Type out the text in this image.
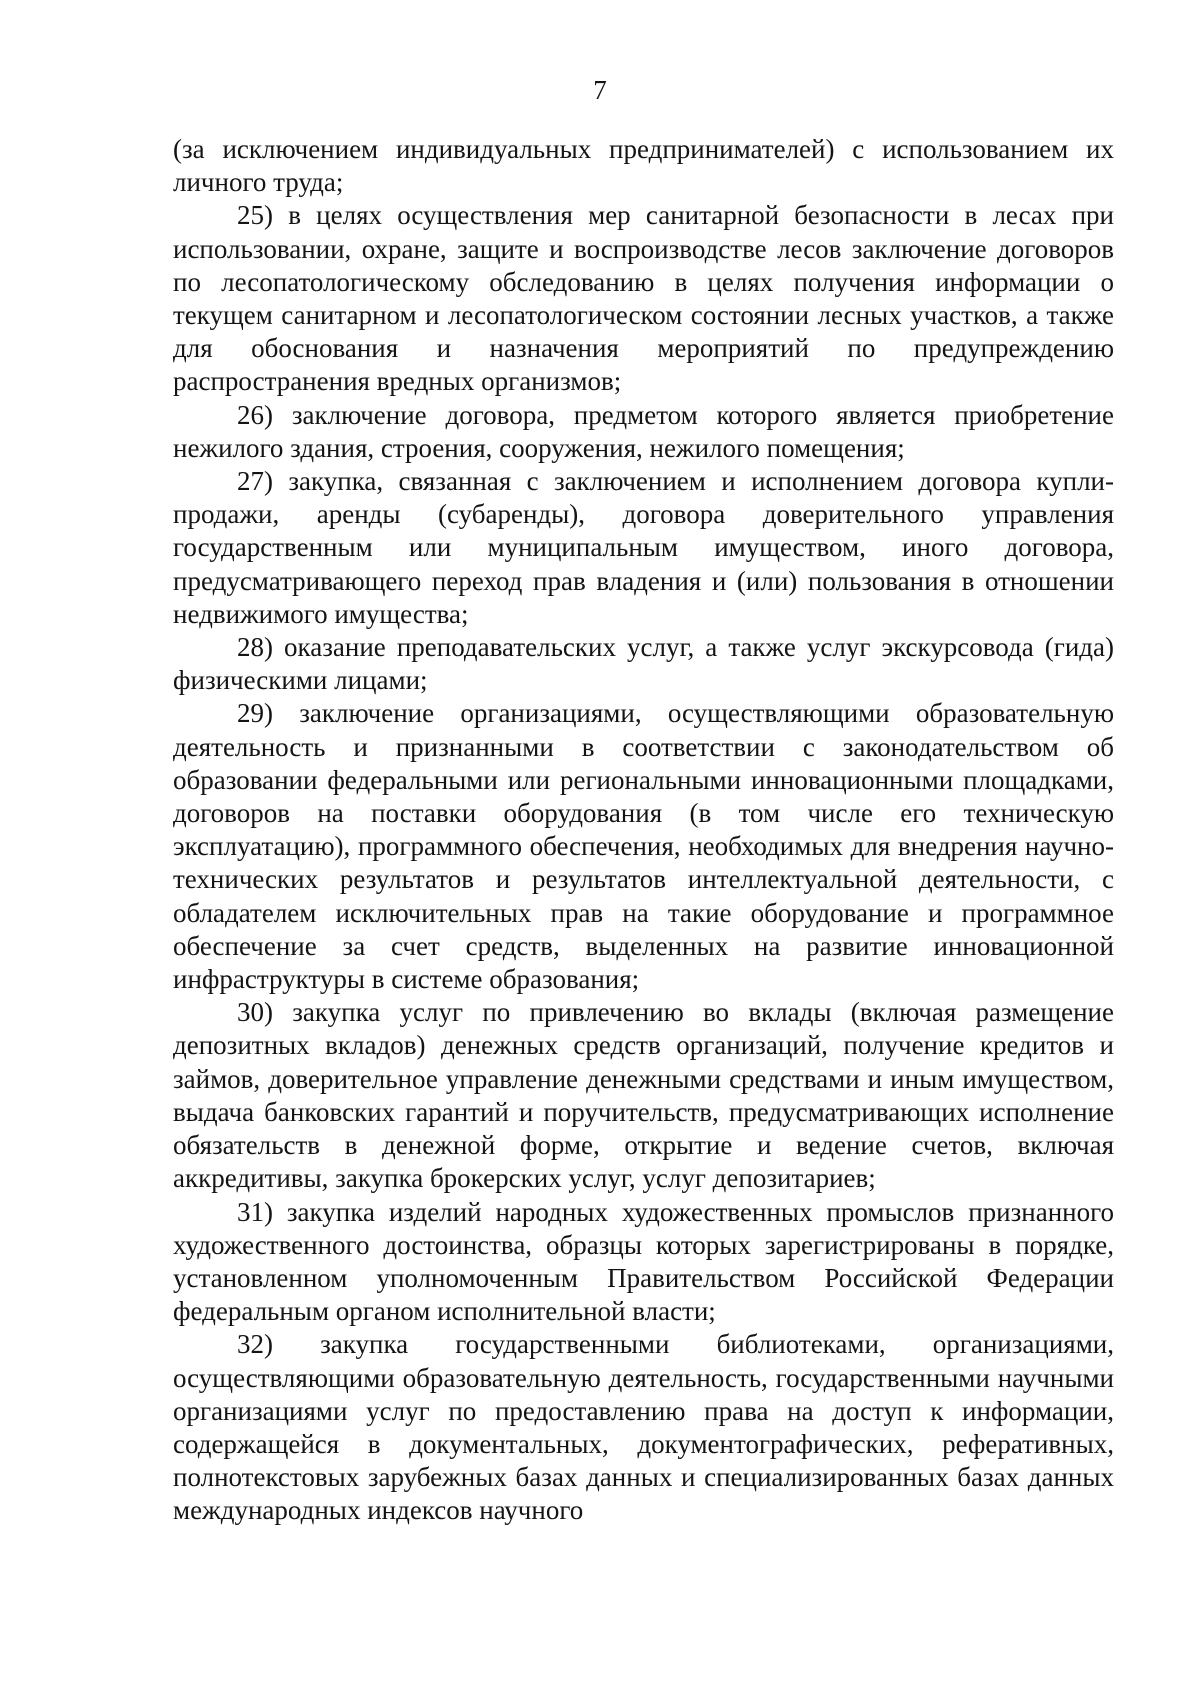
7

(за исключением индивидуальных предпринимателей) с использованием их личного труда;

25) в целях осуществления мер санитарной безопасности в лесах при использовании, охране, защите и воспроизводстве лесов заключение договоров по лесопатологическому обследованию в целях получения информации о текущем санитарном и лесопатологическом состоянии лесных участков, а также для обоснования и назначения мероприятий по предупреждению распространения вредных организмов;

26) заключение договора, предметом которого является приобретение нежилого здания, строения, сооружения, нежилого помещения;

27) закупка, связанная с заключением и исполнением договора купли-продажи, аренды (субаренды), договора доверительного управления государственным или муниципальным имуществом, иного договора, предусматривающего переход прав владения и (или) пользования в отношении недвижимого имущества;

28) оказание преподавательских услуг, а также услуг экскурсовода (гида) физическими лицами;

29) заключение организациями, осуществляющими образовательную деятельность и признанными в соответствии с законодательством об образовании федеральными или региональными инновационными площадками, договоров на поставки оборудования (в том числе его техническую эксплуатацию), программного обеспечения, необходимых для внедрения научно-технических результатов и результатов интеллектуальной деятельности, с обладателем исключительных прав на такие оборудование и программное обеспечение за счет средств, выделенных на развитие инновационной инфраструктуры в системе образования;

30) закупка услуг по привлечению во вклады (включая размещение депозитных вкладов) денежных средств организаций, получение кредитов и займов, доверительное управление денежными средствами и иным имуществом, выдача банковских гарантий и поручительств, предусматривающих исполнение обязательств в денежной форме, открытие и ведение счетов, включая аккредитивы, закупка брокерских услуг, услуг депозитариев;

31) закупка изделий народных художественных промыслов признанного художественного достоинства, образцы которых зарегистрированы в порядке, установленном уполномоченным Правительством Российской Федерации федеральным органом исполнительной власти;

32) закупка государственными библиотеками, организациями, осуществляющими образовательную деятельность, государственными научными организациями услуг по предоставлению права на доступ к информации, содержащейся в документальных, документографических, реферативных, полнотекстовых зарубежных базах данных и специализированных базах данных международных индексов научного
